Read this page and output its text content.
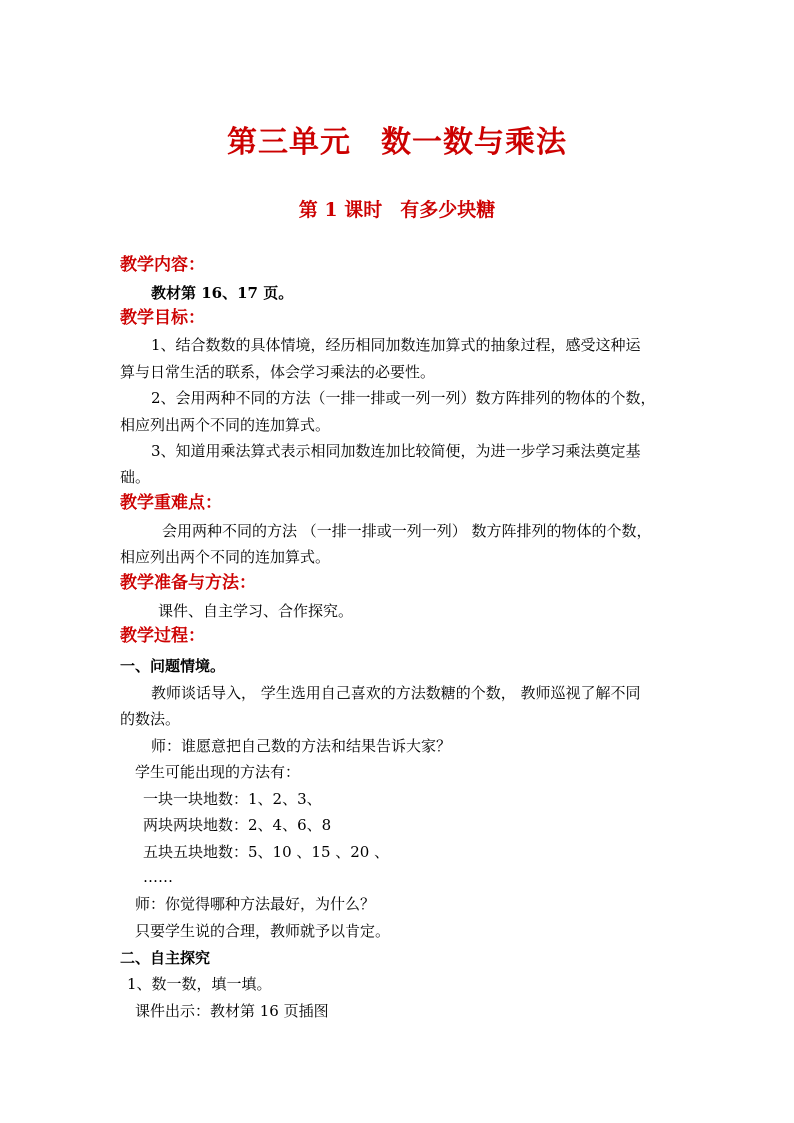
第三单元 数一数与乘法
第 1 课时 有多少块糖
教学内容：
教材第 16、17 页。
教学目标：
1、结合数数的具体情境，经历相同加数连加算式的抽象过程，感受这种运
算与日常生活的联系，体会学习乘法的必要性。
2、会用两种不同的方法（一排一排或一列一列）数方阵排列的物体的个数，
相应列出两个不同的连加算式。
3、知道用乘法算式表示相同加数连加比较简便，为进一步学习乘法奠定基
础。
教学重难点：
会用两种不同的方法 （一排一排或一列一列） 数方阵排列的物体的个数，
相应列出两个不同的连加算式。
教学准备与方法：
课件、自主学习、合作探究。
教学过程：
一、问题情境。
教师谈话导入， 学生选用自己喜欢的方法数糖的个数， 教师巡视了解不同
的数法。
师：谁愿意把自己数的方法和结果告诉大家？
学生可能出现的方法有：
一块一块地数：1、2、3、
两块两块地数：2、4、6、8
五块五块地数：5、10 、15 、20 、
……
师：你觉得哪种方法最好，为什么？
只要学生说的合理，教师就予以肯定。
二、自主探究
1、数一数，填一填。
课件出示：教材第 16 页插图
